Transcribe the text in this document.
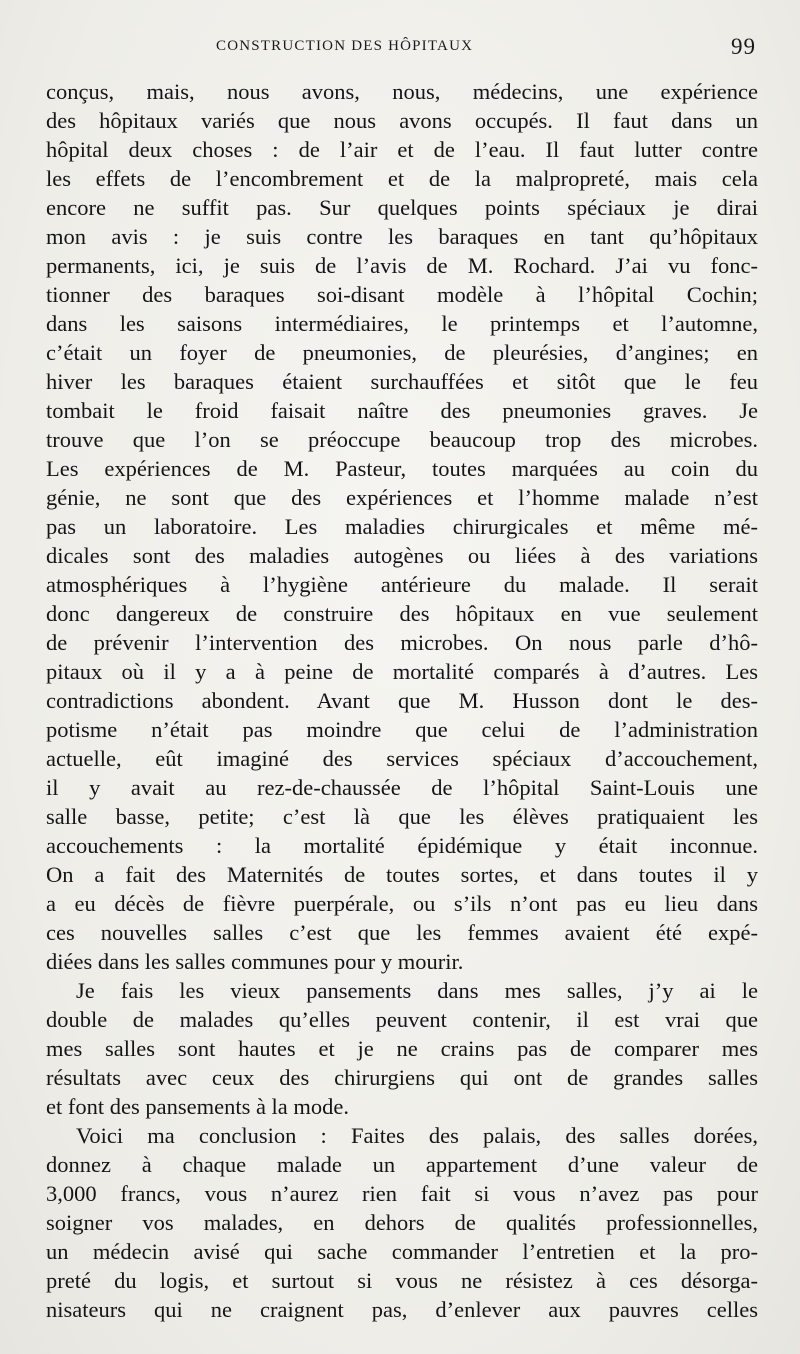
CONSTRUCTION DES HÔPITAUX	99
conçus, mais, nous avons, nous, médecins, une expérience
des hôpitaux variés que nous avons occupés. Il faut dans un
hôpital deux choses : de l’air et de l’eau. Il faut lutter contre
les effets de l’encombrement et de la malpropreté, mais cela
encore ne suffit pas. Sur quelques points spéciaux je dirai
mon avis : je suis contre les baraques en tant qu’hôpitaux
permanents, ici, je suis de l’avis de M. Rochard. J’ai vu fonc-
tionner des baraques soi-disant modèle à l’hôpital Cochin;
dans les saisons intermédiaires, le printemps et l’automne,
c’était un foyer de pneumonies, de pleurésies, d’angines; en
hiver les baraques étaient surchauffées et sitôt que le feu
tombait le froid faisait naître des pneumonies graves. Je
trouve que l’on se préoccupe beaucoup trop des microbes.
Les expériences de M. Pasteur, toutes marquées au coin du
génie, ne sont que des expériences et l’homme malade n’est
pas un laboratoire. Les maladies chirurgicales et même mé-
dicales sont des maladies autogènes ou liées à des variations
atmosphériques à l’hygiène antérieure du malade. Il serait
donc dangereux de construire des hôpitaux en vue seulement
de prévenir l’intervention des microbes. On nous parle d’hô-
pitaux où il y a à peine de mortalité comparés à d’autres. Les
contradictions abondent. Avant que M. Husson dont le des-
potisme n’était pas moindre que celui de l’administration
actuelle, eût imaginé des services spéciaux d’accouchement,
il y avait au rez-de-chaussée de l’hôpital Saint-Louis une
salle basse, petite; c’est là que les élèves pratiquaient les
accouchements : la mortalité épidémique y était inconnue.
On a fait des Maternités de toutes sortes, et dans toutes il y
a eu décès de fièvre puerpérale, ou s’ils n’ont pas eu lieu dans
ces nouvelles salles c’est que les femmes avaient été expé-
diées dans les salles communes pour y mourir.
Je fais les vieux pansements dans mes salles, j’y ai le
double de malades qu’elles peuvent contenir, il est vrai que
mes salles sont hautes et je ne crains pas de comparer mes
résultats avec ceux des chirurgiens qui ont de grandes salles
et font des pansements à la mode.
Voici ma conclusion : Faites des palais, des salles dorées,
donnez à chaque malade un appartement d’une valeur de
3,000 francs, vous n’aurez rien fait si vous n’avez pas pour
soigner vos malades, en dehors de qualités professionnelles,
un médecin avisé qui sache commander l’entretien et la pro-
preté du logis, et surtout si vous ne résistez à ces désorga-
nisateurs qui ne craignent pas, d’enlever aux pauvres celles
